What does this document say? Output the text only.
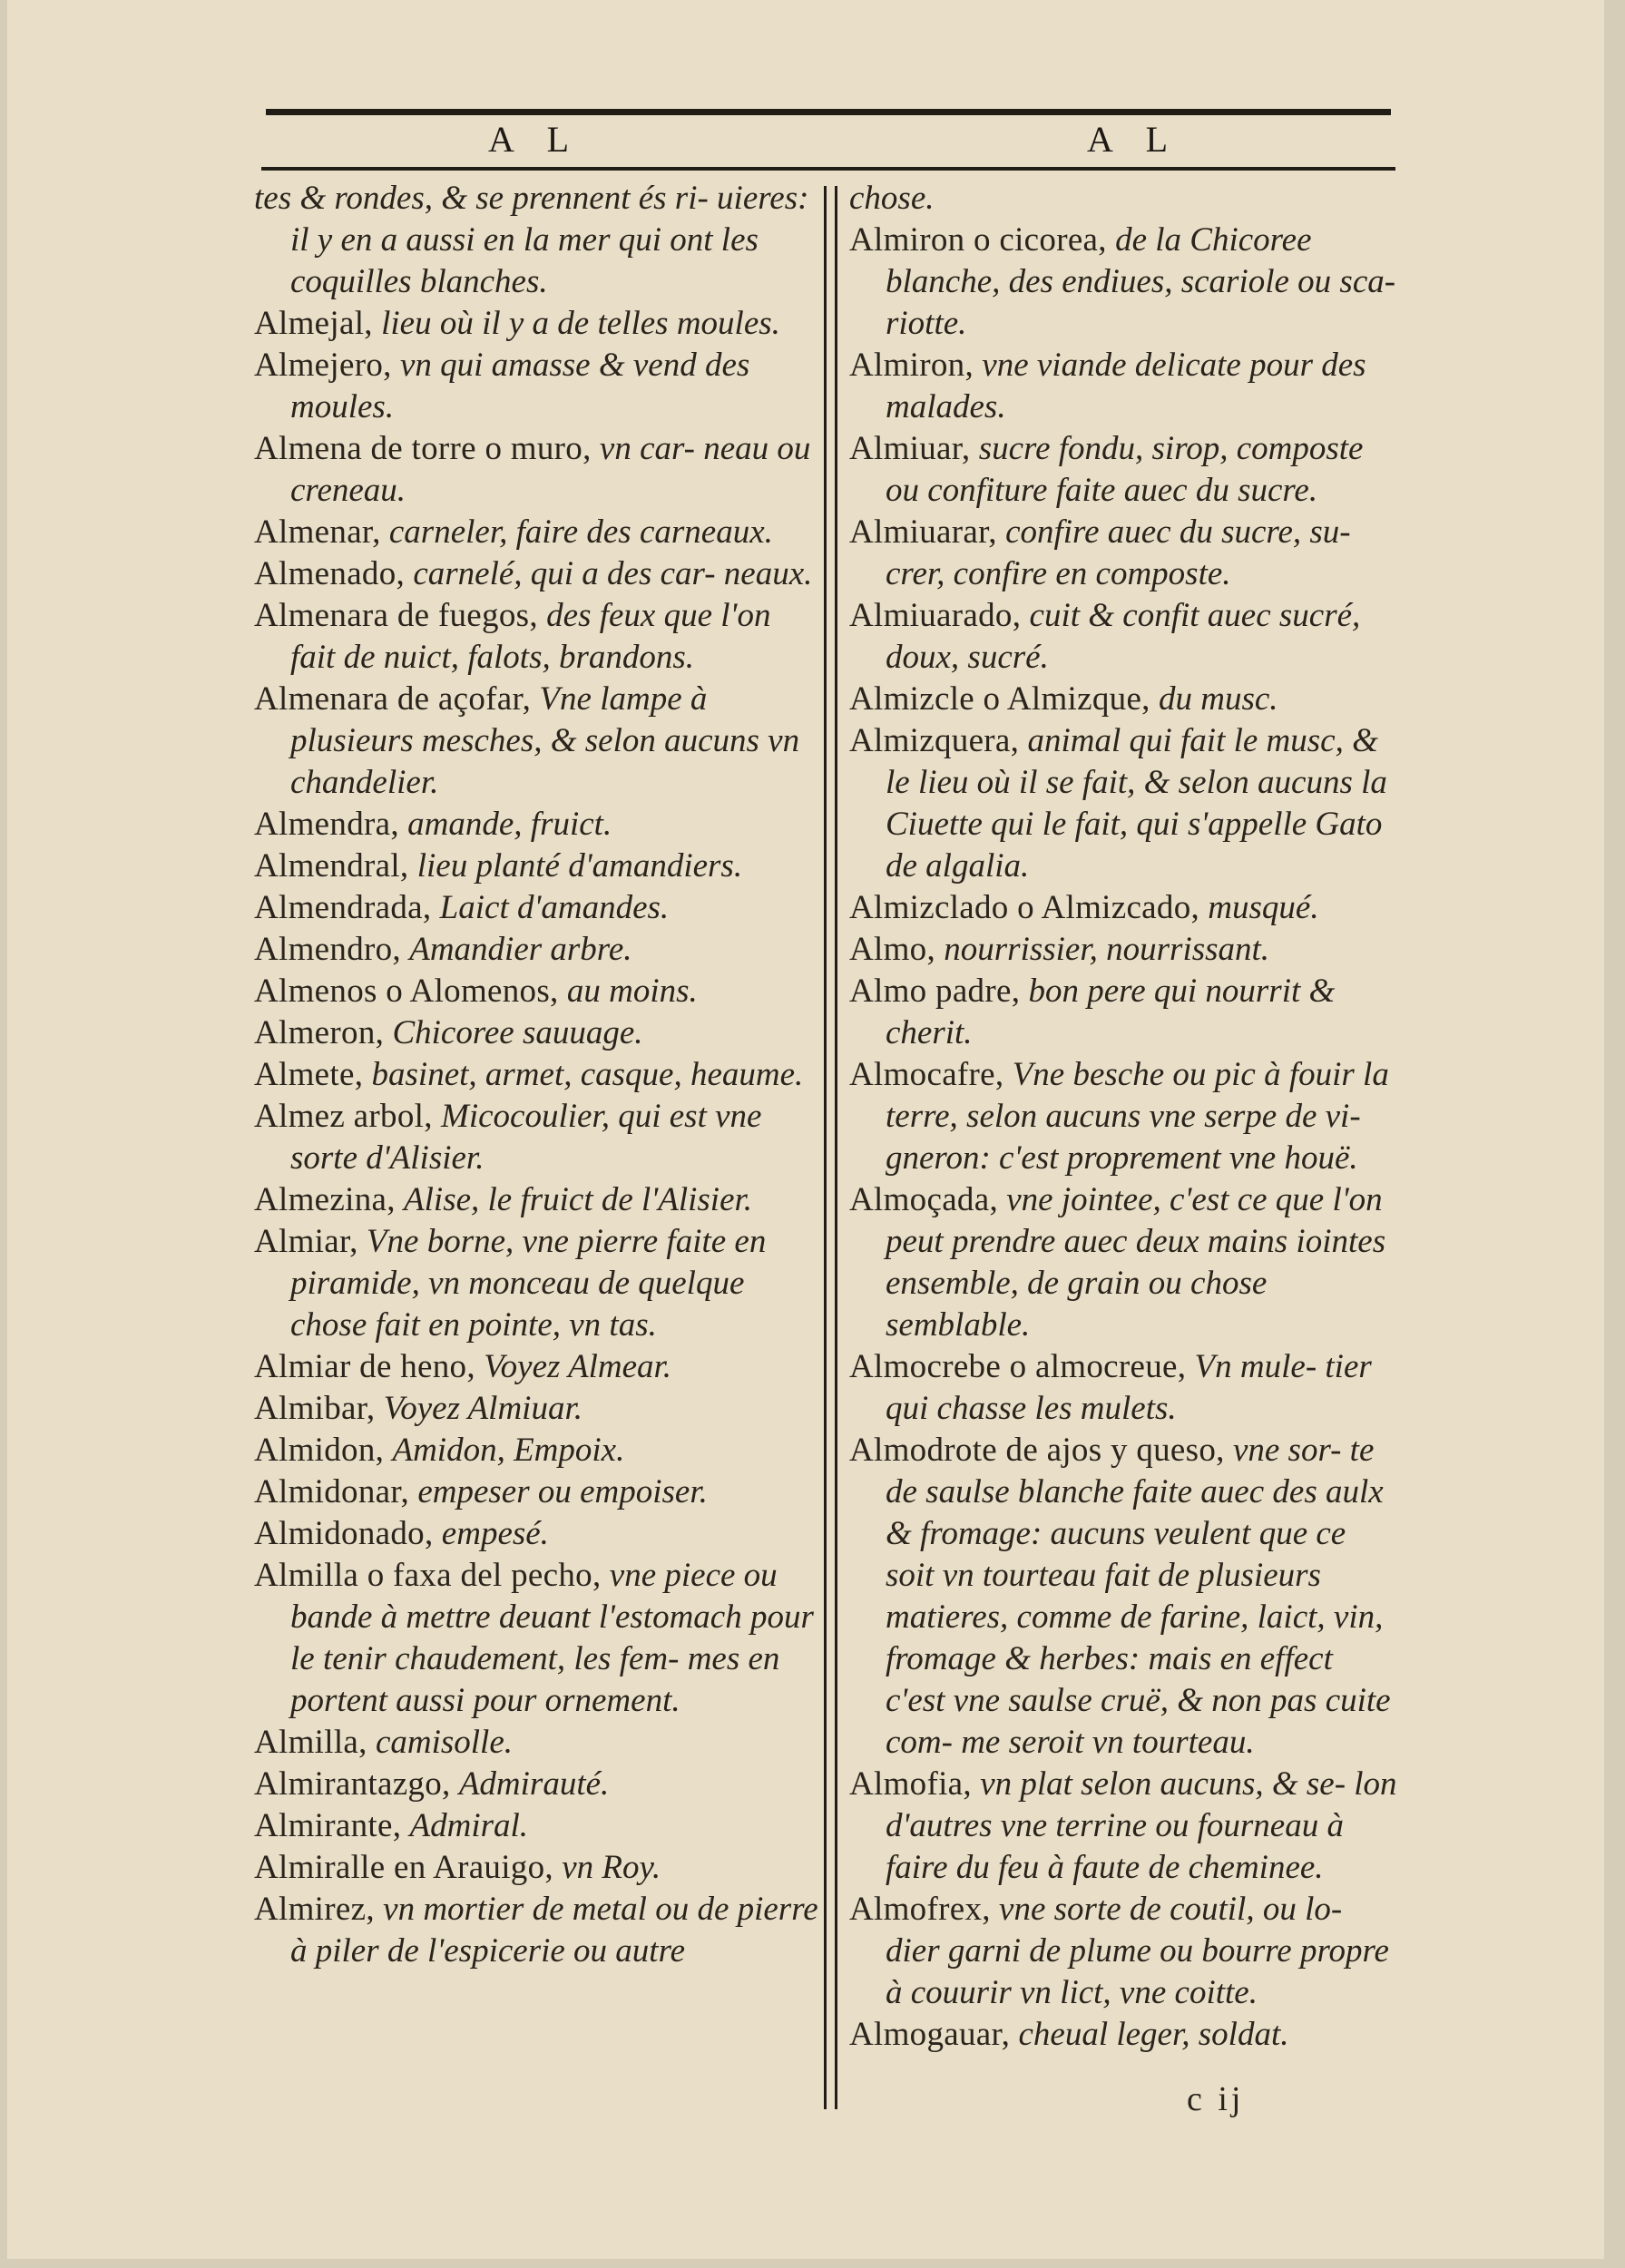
A L	A L

tes & rondes, & se prennent és ri- uieres: il y en a aussi en la mer qui ont les coquilles blanches.

Almejal, lieu où il y a de telles moules.

Almejero, vn qui amasse & vend des moules.

Almena de torre o muro, vn car- neau ou creneau.

Almenar, carneler, faire des carneaux.

Almenado, carnelé, qui a des car- neaux.

Almenara de fuegos, des feux que l'on fait de nuict, falots, brandons.

Almenara de açofar, Vne lampe à plusieurs mesches, & selon aucuns vn chandelier.

Almendra, amande, fruict.

Almendral, lieu planté d'amandiers.

Almendrada, Laict d'amandes.

Almendro, Amandier arbre.

Almenos o Alomenos, au moins.

Almeron, Chicoree sauuage.

Almete, basinet, armet, casque, heaume.

Almez arbol, Micocoulier, qui est vne sorte d'Alisier.

Almezina, Alise, le fruict de l'Alisier.

Almiar, Vne borne, vne pierre faite en piramide, vn monceau de quelque chose fait en pointe, vn tas.

Almiar de heno, Voyez Almear.

Almibar, Voyez Almiuar.

Almidon, Amidon, Empoix.

Almidonar, empeser ou empoiser.

Almidonado, empesé.

Almilla o faxa del pecho, vne piece ou bande à mettre deuant l'estomach pour le tenir chaudement, les fem- mes en portent aussi pour ornement.

Almilla, camisolle.

Almirantazgo, Admirauté.

Almirante, Admiral.

Almiralle en Arauigo, vn Roy.

Almirez, vn mortier de metal ou de pierre à piler de l'espicerie ou autre

chose.

Almiron o cicorea, de la Chicoree blanche, des endiues, scariole ou sca- riotte.

Almiron, vne viande delicate pour des malades.

Almiuar, sucre fondu, sirop, composte ou confiture faite auec du sucre.

Almiuarar, confire auec du sucre, su- crer, confire en composte.

Almiuarado, cuit & confit auec sucré, doux, sucré.

Almizcle o Almizque, du musc.

Almizquera, animal qui fait le musc, & le lieu où il se fait, & selon aucuns la Ciuette qui le fait, qui s'appelle Gato de algalia.

Almizclado o Almizcado, musqué.

Almo, nourrissier, nourrissant.

Almo padre, bon pere qui nourrit & cherit.

Almocafre, Vne besche ou pic à fouir la terre, selon aucuns vne serpe de vi- gneron: c'est proprement vne houë.

Almoçada, vne jointee, c'est ce que l'on peut prendre auec deux mains iointes ensemble, de grain ou chose semblable.

Almocrebe o almocreue, Vn mule- tier qui chasse les mulets.

Almodrote de ajos y queso, vne sor- te de saulse blanche faite auec des aulx & fromage: aucuns veulent que ce soit vn tourteau fait de plusieurs matieres, comme de farine, laict, vin, fromage & herbes: mais en effect c'est vne saulse cruë, & non pas cuite com- me seroit vn tourteau.

Almofia, vn plat selon aucuns, & se- lon d'autres vne terrine ou fourneau à faire du feu à faute de cheminee.

Almofrex, vne sorte de coutil, ou lo- dier garni de plume ou bourre propre à couurir vn lict, vne coitte.

Almogauar, cheual leger, soldat.

c ij
